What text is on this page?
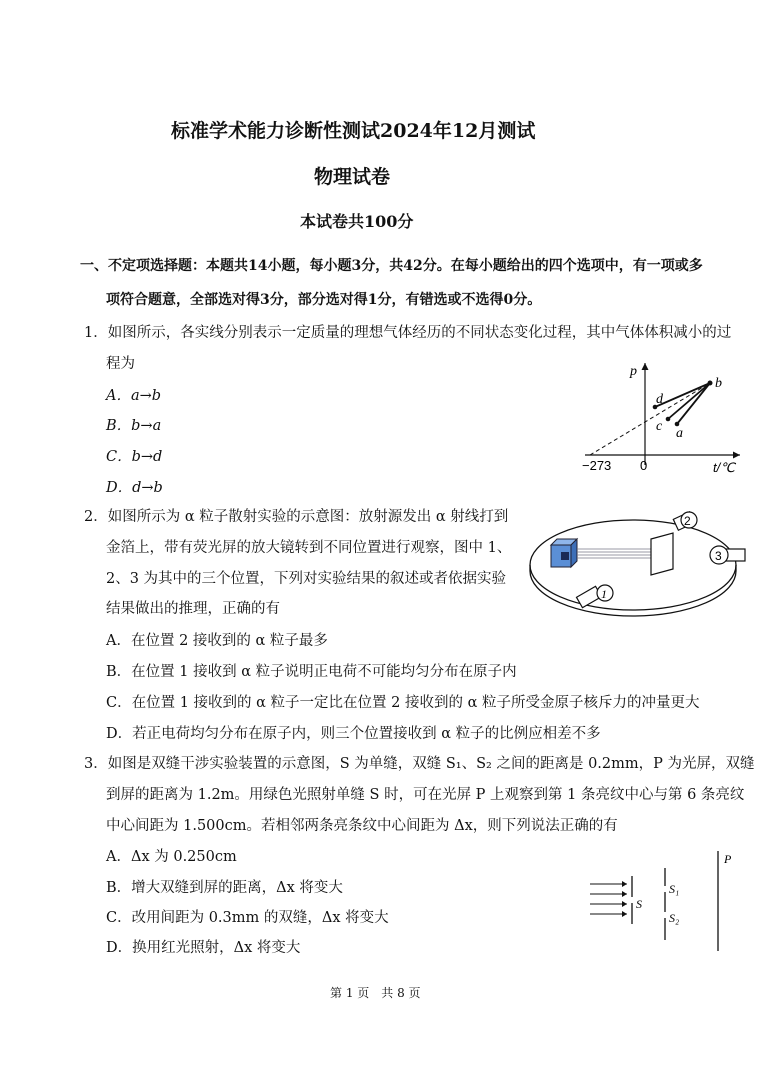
标准学术能力诊断性测试2024年12月测试
物理试卷
本试卷共100分
一、不定项选择题：本题共14小题，每小题3分，共42分。在每小题给出的四个选项中，有一项或多
项符合题意，全部选对得3分，部分选对得1分，有错选或不选得0分。
1．如图所示，各实线分别表示一定质量的理想气体经历的不同状态变化过程，其中气体体积减小的过
程为
A．a→b
B．b→a
C．b→d
D．d→b
p
b
d
c a
0
−273	t/℃
2．如图所示为 α 粒子散射实验的示意图：放射源发出 α 射线打到
金箔上，带有荧光屏的放大镜转到不同位置进行观察，图中 1、
2、3 为其中的三个位置，下列对实验结果的叙述或者依据实验
结果做出的推理，正确的有
A．在位置 2 接收到的 α 粒子最多
B．在位置 1 接收到 α 粒子说明正电荷不可能均匀分布在原子内
C．在位置 1 接收到的 α 粒子一定比在位置 2 接收到的 α 粒子所受金原子核斥力的冲量更大
D．若正电荷均匀分布在原子内，则三个位置接收到 α 粒子的比例应相差不多
2
3
1
3．如图是双缝干涉实验装置的示意图，S 为单缝，双缝 S₁、S₂ 之间的距离是 0.2mm，P 为光屏，双缝
到屏的距离为 1.2m。用绿色光照射单缝 S 时，可在光屏 P 上观察到第 1 条亮纹中心与第 6 条亮纹
中心间距为 1.500cm。若相邻两条亮条纹中心间距为 Δx，则下列说法正确的有
A．Δx 为 0.250cm
B．增大双缝到屏的距离，Δx 将变大
C．改用间距为 0.3mm 的双缝，Δx 将变大
D．换用红光照射，Δx 将变大
S
S₁
S₂
P
第 1 页　共 8 页
